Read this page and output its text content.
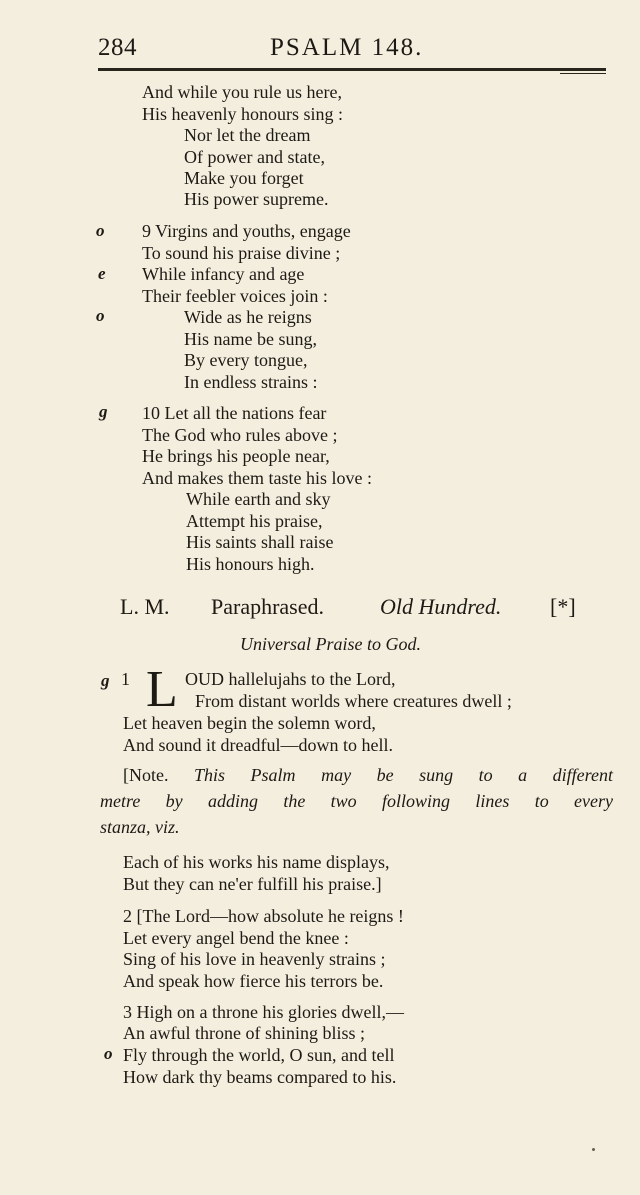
284	PSALM 148.
And while you rule us here,
His heavenly honours sing :
Nor let the dream
Of power and state,
Make you forget
His power supreme.
o
e
o
9 Virgins and youths, engage
To sound his praise divine ;
While infancy and age
Their feebler voices join :
Wide as he reigns
His name be sung,
By every tongue,
In endless strains :
g 10 Let all the nations fear
The God who rules above ;
He brings his people near,
And makes them taste his love :
While earth and sky
Attempt his praise,
His saints shall raise
His honours high.
L. M. Paraphrased.	Old Hundred. [*]
Universal Praise to God.
g 1 L OUD hallelujahs to the Lord,
From distant worlds where creatures dwell ;
Let heaven begin the solemn word,
And sound it dreadful—down to hell.
[Note. This Psalm may be sung to a different
metre by adding the two following lines to every
stanza, viz.
Each of his works his name displays,
But they can ne'er fulfill his praise.]
2 [The Lord—how absolute he reigns !
Let every angel bend the knee :
Sing of his love in heavenly strains ;
And speak how fierce his terrors be.
o
3 High on a throne his glories dwell,—
An awful throne of shining bliss ;
Fly through the world, O sun, and tell
How dark thy beams compared to his.
